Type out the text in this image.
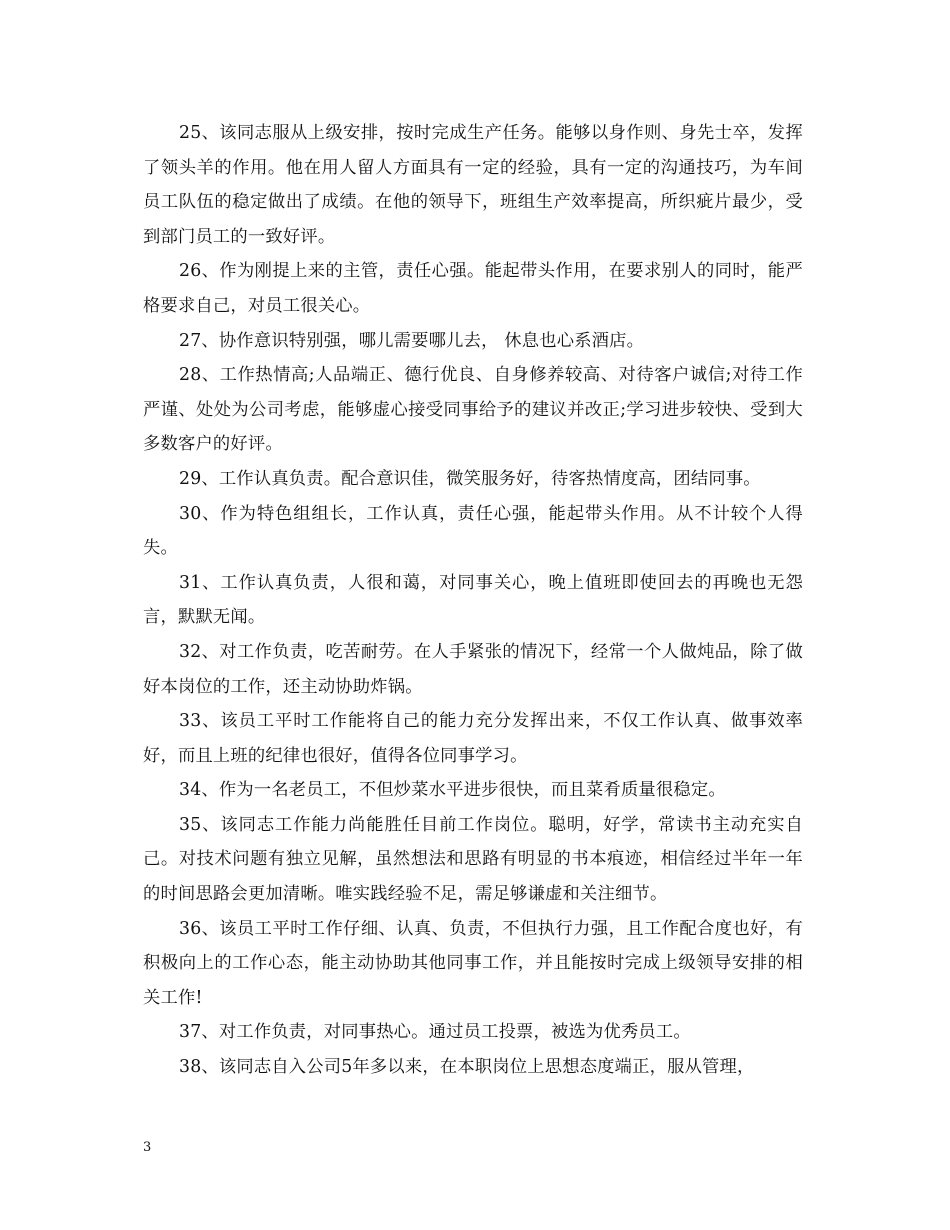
25、该同志服从上级安排，按时完成生产任务。能够以身作则、身先士卒，发挥了领头羊的作用。他在用人留人方面具有一定的经验，具有一定的沟通技巧，为车间员工队伍的稳定做出了成绩。在他的领导下，班组生产效率提高，所织疵片最少，受到部门员工的一致好评。

26、作为刚提上来的主管，责任心强。能起带头作用，在要求别人的同时，能严格要求自己，对员工很关心。

27、协作意识特别强，哪儿需要哪儿去， 休息也心系酒店。

28、工作热情高;人品端正、德行优良、自身修养较高、对待客户诚信;对待工作严谨、处处为公司考虑，能够虚心接受同事给予的建议并改正;学习进步较快、受到大多数客户的好评。

29、工作认真负责。配合意识佳，微笑服务好，待客热情度高，团结同事。

30、作为特色组组长，工作认真，责任心强，能起带头作用。从不计较个人得失。

31、工作认真负责，人很和蔼，对同事关心，晚上值班即使回去的再晚也无怨言，默默无闻。

32、对工作负责，吃苦耐劳。在人手紧张的情况下，经常一个人做炖品，除了做好本岗位的工作，还主动协助炸锅。

33、该员工平时工作能将自己的能力充分发挥出来，不仅工作认真、做事效率好，而且上班的纪律也很好，值得各位同事学习。

34、作为一名老员工，不但炒菜水平进步很快，而且菜肴质量很稳定。

35、该同志工作能力尚能胜任目前工作岗位。聪明，好学，常读书主动充实自己。对技术问题有独立见解，虽然想法和思路有明显的书本痕迹，相信经过半年一年的时间思路会更加清晰。唯实践经验不足，需足够谦虚和关注细节。

36、该员工平时工作仔细、认真、负责，不但执行力强，且工作配合度也好，有积极向上的工作心态，能主动协助其他同事工作，并且能按时完成上级领导安排的相关工作!

37、对工作负责，对同事热心。通过员工投票，被选为优秀员工。

38、该同志自入公司5年多以来，在本职岗位上思想态度端正，服从管理，

3
